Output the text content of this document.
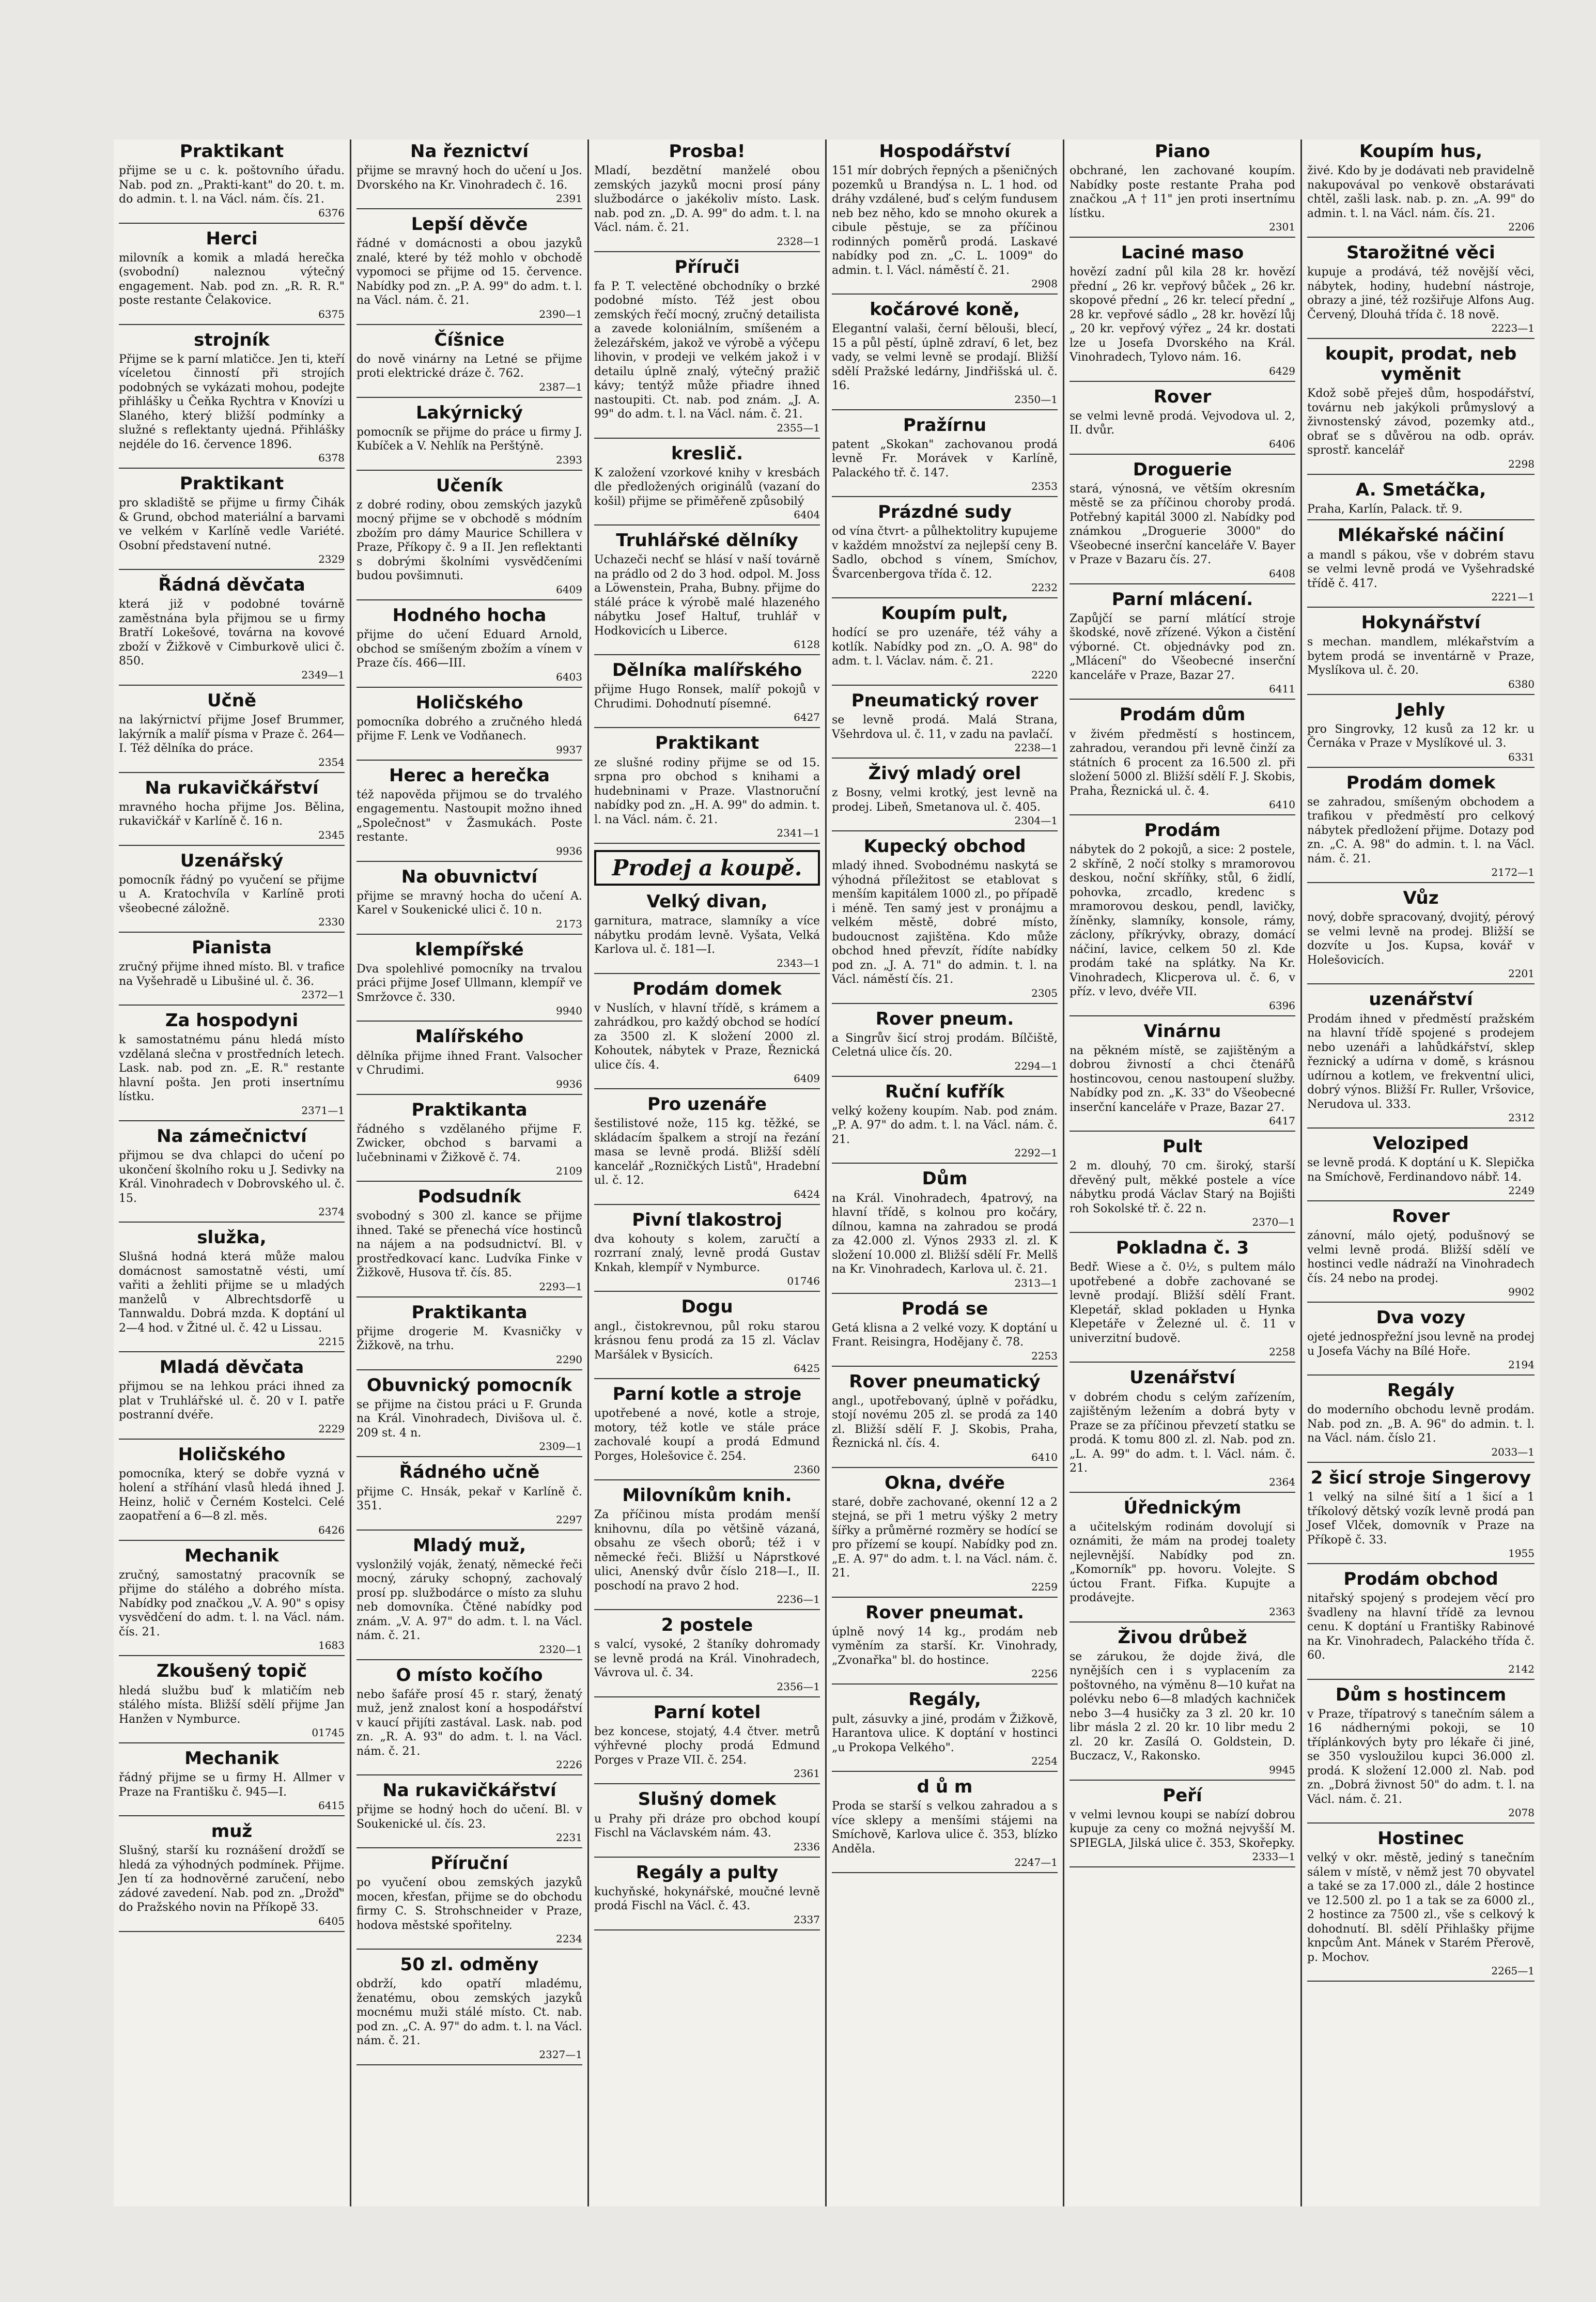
Praktikant

přijme se u c. k. poštovního úřadu. Nab. pod zn. „Prakti-kant" do 20. t. m. do admin. t. l. na Václ. nám. čís. 21.
6376

Herci

milovník a komik a mladá herečka (svobodní) naleznou výtečný engagement. Nab. pod zn. „R. R. R." poste restante Čelakovice.
6375

strojník

Přijme se k parní mlatičce. Jen ti, kteří víceletou činností při strojích podobných se vykázati mohou, podejte přihlášky u Čeňka Rychtra v Knovízi u Slaného, který bližší podmínky a služné s reflektanty ujedná. Přihlášky nejdéle do 16. července 1896.
6378

Praktikant

pro skladiště se přijme u firmy Čihák & Grund, obchod materiální a barvami ve velkém v Karlíně vedle Variété. Osobní představení nutné.
2329

Řádná děvčata

která již v podobné továrně zaměstnána byla přijmou se u firmy Bratří Lokešové, továrna na kovové zboží v Žižkově v Cimburkově ulici č. 850.
2349—1

Učně

na lakýrnictví přijme Josef Brummer, lakýrník a malíř písma v Praze č. 264—I. Též dělníka do práce.
2354

Na rukavičkářství

mravného hocha přijme Jos. Bělina, rukavičkář v Karlíně č. 16 n.
2345

Uzenářský

pomocník řádný po vyučení se přijme u A. Kratochvíla v Karlíně proti všeobecné záložně.
2330

Pianista

zručný přijme ihned místo. Bl. v trafice na Vyšehradě u Libušiné ul. č. 36.
2372—1

Za hospodyni

k samostatnému pánu hledá místo vzdělaná slečna v prostředních letech. Lask. nab. pod zn. „E. R." restante hlavní pošta. Jen proti insertnímu lístku.
2371—1

Na zámečnictví

přijmou se dva chlapci do učení po ukončení školního roku u J. Sedivky na Král. Vinohradech v Dobrovského ul. č. 15.
2374

služka,

Slušná hodná která může malou domácnost samostatně vésti, umí vařiti a žehliti přijme se u mladých manželů v Albrechtsdorfě u Tannwaldu. Dobrá mzda. K doptání ul 2—4 hod. v Žitné ul. č. 42 u Lissau.
2215

Mladá děvčata

přijmou se na lehkou práci ihned za plat v Truhlářské ul. č. 20 v I. patře postranní dvéře.
2229

Holičského

pomocníka, který se dobře vyzná v holení a stříhání vlasů hledá ihned J. Heinz, holič v Černém Kostelci. Celé zaopatření a 6—8 zl. měs.
6426

Mechanik

zručný, samostatný pracovník se přijme do stálého a dobrého místa. Nabídky pod značkou „V. A. 90" s opisy vysvědčení do adm. t. l. na Václ. nám. čís. 21.
1683

Zkoušený topič

hledá službu buď k mlatičím neb stálého místa. Bližší sdělí přijme Jan Hanžen v Nymburce.
01745

Mechanik

řádný přijme se u firmy H. Allmer v Praze na Františku č. 945—I.
6415

muž

Slušný, starší ku roznášení drožďí se hledá za výhodných podmínek. Přijme. Jen tí za hodnověrné zaručení, nebo zádové zavedení. Nab. pod zn. „Drožď" do Pražského novin na Příkopě 33.
6405

Na řeznictví

přijme se mravný hoch do učení u Jos. Dvorského na Kr. Vinohradech č. 16.
2391

Lepší děvče

řádné v domácnosti a obou jazyků znalé, které by též mohlo v obchodě vypomoci se přijme od 15. července. Nabídky pod zn. „P. A. 99" do adm. t. l. na Václ. nám. č. 21.
2390—1

Číšnice

do nově vinárny na Letné se přijme proti elektrické dráze č. 762.
2387—1

Lakýrnický

pomocník se přijme do práce u firmy J. Kubíček a V. Nehlík na Perštýně.
2393

Učeník

z dobré rodiny, obou zemských jazyků mocný přijme se v obchodě s módním zbožím pro dámy Maurice Schillera v Praze, Příkopy č. 9 a II. Jen reflektanti s dobrými školními vysvědčeními budou povšimnuti.
6409

Hodného hocha

přijme do učení Eduard Arnold, obchod se smíšeným zbožím a vínem v Praze čís. 466—III.
6403

Holičského

pomocníka dobrého a zručného hledá přijme F. Lenk ve Vodňanech.
9937

Herec a herečka

též napověda přijmou se do trvalého engagementu. Nastoupit možno ihned „Společnost" v Žasmukách. Poste restante.
9936

Na obuvnictví

přijme se mravný hocha do učení A. Karel v Soukenické ulici č. 10 n.
2173

klempířské

Dva spolehlivé pomocníky na trvalou práci přijme Josef Ullmann, klempíř ve Smržovce č. 330.
9940

Malířského

dělníka přijme ihned Frant. Valsocher v Chrudimi.
9936

Praktikanta

řádného s vzdělaného přijme F. Zwicker, obchod s barvami a lučebninami v Žižkově č. 74.
2109

Podsudník

svobodný s 300 zl. kance se přijme ihned. Také se přenechá více hostinců na nájem a na podsudnictví. Bl. v prostředkovací kanc. Ludvíka Finke v Žižkově, Husova tř. čís. 85.
2293—1

Praktikanta

přijme drogerie M. Kvasničky v Žižkově, na trhu.
2290

Obuvnický pomocník

se přijme na čistou práci u F. Grunda na Král. Vinohradech, Divišova ul. č. 209 st. 4 n.
2309—1

Řádného učně

přijme C. Hnsák, pekař v Karlíně č. 351.
2297

Mladý muž,

vyslonžilý voják, ženatý, německé řeči mocný, záruky schopný, zachovalý prosí pp. službodárce o místo za sluhu neb domovníka. Čtěné nabídky pod znám. „V. A. 97" do adm. t. l. na Václ. nám. č. 21.
2320—1

O místo kočího

nebo šafáře prosí 45 r. starý, ženatý muž, jenž znalost koní a hospodářství v kaucí přijíti zastával. Lask. nab. pod zn. „R. A. 93" do adm. t. l. na Václ. nám. č. 21.
2226

Na rukavičkářství

přijme se hodný hoch do učení. Bl. v Soukenické ul. čís. 23.
2231

Příruční

po vyučení obou zemských jazyků mocen, křesťan, přijme se do obchodu firmy C. S. Strohschneider v Praze, hodova městské spořitelny.
2234

50 zl. odměny

obdrží, kdo opatří mladému, ženatému, obou zemských jazyků mocnému muži stálé místo. Ct. nab. pod zn. „C. A. 97" do adm. t. l. na Václ. nám. č. 21.
2327—1

Prosba!

Mladí, bezdětní manželé obou zemských jazyků mocni prosí pány službodárce o jakékoliv místo. Lask. nab. pod zn. „D. A. 99" do adm. t. l. na Václ. nám. č. 21.
2328—1

Příruči

fa P. T. velectěné obchodníky o brzké podobné místo. Též jest obou zemských řečí mocný, zručný detailista a zavede koloniálním, smíšeném a železářském, jakož ve výrobě a výčepu lihovin, v prodeji ve velkém jakož i v detailu úplně znalý, výtečný pražič kávy; tentýž může přiadre ihned nastoupiti. Ct. nab. pod znám. „J. A. 99" do adm. t. l. na Václ. nám. č. 21.
2355—1

kreslič.

K založení vzorkové knihy v kresbách dle předložených originálů (vazaní do košil) přijme se přiměřeně způsobilý
6404

Truhlářské dělníky

Uchazeči nechť se hlásí v naší továrně na prádlo od 2 do 3 hod. odpol. M. Joss a Löwenstein, Praha, Bubny. přijme do stálé práce k výrobě malé hlazeného nábytku Josef Haltuf, truhlář v Hodkovicích u Liberce.
6128

Dělníka malířského

přijme Hugo Ronsek, malíř pokojů v Chrudimi. Dohodnutí písemné.
6427

Praktikant

ze slušné rodiny přijme se od 15. srpna pro obchod s knihami a hudebninami v Praze. Vlastnoruční nabídky pod zn. „H. A. 99" do admin. t. l. na Václ. nám. č. 21.
2341—1

Prodej a koupě.
Velký divan,

garnitura, matrace, slamníky a více nábytku prodám levně. Vyšata, Velká Karlova ul. č. 181—I.
2343—1

Prodám domek

v Nuslích, v hlavní třídě, s krámem a zahrádkou, pro každý obchod se hodící za 3500 zl. K složení 2000 zl. Kohoutek, nábytek v Praze, Řeznická ulice čís. 4.
6409

Pro uzenáře

šestilistové nože, 115 kg. těžké, se skládacím špalkem a strojí na řezání masa se levně prodá. Bližší sdělí kancelář „Rozničkých Listů", Hradební ul. č. 12.
6424

Pivní tlakostroj

dva kohouty s kolem, zaručtí a rozrraní znalý, levně prodá Gustav Knkah, klempíř v Nymburce.
01746

Dogu

angl., čistokrevnou, půl roku starou krásnou fenu prodá za 15 zl. Václav Maršálek v Bysicích.
6425

Parní kotle a stroje

upotřebené a nové, kotle a stroje, motory, též kotle ve stále práce zachovalé koupí a prodá Edmund Porges, Holešovice č. 254.
2360

Milovníkům knih.

Za příčinou místa prodám menší knihovnu, díla po většině vázaná, obsahu ze všech oborů; též i v německé řeči. Bližší u Náprstkové ulici, Anenský dvůr číslo 218—I., II. poschodí na pravo 2 hod.
2236—1

2 postele

s valcí, vysoké, 2 štaníky dohromady se levně prodá na Král. Vinohradech, Vávrova ul. č. 34.
2356—1

Parní kotel

bez koncese, stojatý, 4.4 čtver. metrů výhřevné plochy prodá Edmund Porges v Praze VII. č. 254.
2361

Slušný domek

u Prahy při dráze pro obchod koupí Fischl na Václavském nám. 43.
2336

Regály a pulty

kuchyňské, hokynářské, moučné levně prodá Fischl na Václ. č. 43.
2337

Hospodářství

151 mír dobrých řepných a pšeničných pozemků u Brandýsa n. L. 1 hod. od dráhy vzdálené, buď s celým fundusem neb bez něho, kdo se mnoho okurek a cibule pěstuje, se za příčinou rodinných poměrů prodá. Laskavé nabídky pod zn. „C. L. 1009" do admin. t. l. Václ. náměstí č. 21.
2908

kočárové koně,

Elegantní valaši, černí bělouši, blecí, 15 a půl pěstí, úplně zdraví, 6 let, bez vady, se velmi levně se prodají. Bližší sdělí Pražské ledárny, Jindřišská ul. č. 16.
2350—1

Pražírnu

patent „Skokan" zachovanou prodá levně Fr. Morávek v Karlíně, Palackého tř. č. 147.
2353

Prázdné sudy

od vína čtvrt- a půlhektolitry kupujeme v každém množství za nejlepší ceny B. Sadlo, obchod s vínem, Smíchov, Švarcenbergova třída č. 12.
2232

Koupím pult,

hodící se pro uzenáře, též váhy a kotlík. Nabídky pod zn. „O. A. 98" do adm. t. l. Václav. nám. č. 21.
2220

Pneumatický rover

se levně prodá. Malá Strana, Všehrdova ul. č. 11, v zadu na pavlačí.
2238—1

Živý mladý orel

z Bosny, velmi krotký, jest levně na prodej. Libeň, Smetanova ul. č. 405.
2304—1

Kupecký obchod

mladý ihned. Svobodnému naskytá se výhodná příležitost se etablovat s menším kapitálem 1000 zl., po případě i méně. Ten samý jest v pronájmu a velkém městě, dobré místo, budoucnost zajištěna. Kdo může obchod hned převzít, řídíte nabídky pod zn. „J. A. 71" do admin. t. l. na Václ. náměstí čís. 21.
2305

Rover pneum.

a Singrův šicí stroj prodám. Bílčiště, Celetná ulice čís. 20.
2294—1

Ruční kufřík

velký koženy koupím. Nab. pod znám. „P. A. 97" do adm. t. l. na Václ. nám. č. 21.
2292—1

Dům

na Král. Vinohradech, 4patrový, na hlavní třídě, s kolnou pro kočáry, dílnou, kamna na zahradou se prodá za 42.000 zl. Výnos 2933 zl. zl. K složení 10.000 zl. Bližší sdělí Fr. Mellš na Kr. Vinohradech, Karlova ul. č. 21.
2313—1

Prodá se

Getá klisna a 2 velké vozy. K doptání u Frant. Reisingra, Hodějany č. 78.
2253

Rover pneumatický

angl., upotřebovaný, úplně v pořádku, stojí novému 205 zl. se prodá za 140 zl. Bližší sdělí F. J. Skobis, Praha, Řeznická nl. čís. 4.
6410

Okna, dvéře

staré, dobře zachované, okenní 12 a 2 stejná, se při 1 metru výšky 2 metry šířky a průměrné rozměry se hodící se pro přízemí se koupí. Nabídky pod zn. „E. A. 97" do adm. t. l. na Václ. nám. č. 21.
2259

Rover pneumat.

úplně nový 14 kg., prodám neb vyměním za starší. Kr. Vinohrady, „Zvonařka" bl. do hostince.
2256

Regály,

pult, zásuvky a jiné, prodám v Žižkově, Harantova ulice. K doptání v hostinci „u Prokopa Velkého".
2254

d ů m

Proda se starší s velkou zahradou a s více sklepy a menšími stájemi na Smíchově, Karlova ulice č. 353, blízko Anděla.
2247—1

Piano

obchrané, len zachované koupím. Nabídky poste restante Praha pod značkou „A † 11" jen proti insertnímu lístku.
2301

Laciné maso

hovězí zadní půl kila 28 kr. hovězí přední „ 26 kr. vepřový bůček „ 26 kr. skopové přední „ 26 kr. telecí přední „ 28 kr. vepřové sádlo „ 28 kr. hovězí lůj „ 20 kr. vepřový výřez „ 24 kr. dostati lze u Josefa Dvorského na Král. Vinohradech, Tylovo nám. 16.
6429

Rover

se velmi levně prodá. Vejvodova ul. 2, II. dvůr.
6406

Droguerie

stará, výnosná, ve větším okresním městě se za příčinou choroby prodá. Potřebný kapitál 3000 zl. Nabídky pod známkou „Droguerie 3000" do Všeobecné inserční kanceláře V. Bayer v Praze v Bazaru čís. 27.
6408

Parní mlácení.

Zapůjčí se parní mlátící stroje škodské, nově zřízené. Výkon a čistění výborné. Ct. objednávky pod zn. „Mlácení" do Všeobecné inserční kanceláře v Praze, Bazar 27.
6411

Prodám dům

v živém předměstí s hostincem, zahradou, verandou při levně činží za státních 6 procent za 16.500 zl. při složení 5000 zl. Bližší sdělí F. J. Skobis, Praha, Řeznická ul. č. 4.
6410

Prodám

nábytek do 2 pokojů, a sice: 2 postele, 2 skříně, 2 nočí stolky s mramorovou deskou, noční skříňky, stůl, 6 židlí, pohovka, zrcadlo, kredenc s mramorovou deskou, pendl, lavičky, žíněnky, slamníky, konsole, rámy, záclony, příkrývky, obrazy, domácí náčiní, lavice, celkem 50 zl. Kde prodám také na splátky. Na Kr. Vinohradech, Klicperova ul. č. 6, v příz. v levo, dvéře VII.
6396

Vinárnu

na pěkném místě, se zajištěným a dobrou živností a chci čtenářů hostincovou, cenou nastoupení služby. Nabídky pod zn. „K. 33" do Všeobecné inserční kanceláře v Praze, Bazar 27.
6417

Pult

2 m. dlouhý, 70 cm. široký, starší dřevěný pult, měkké postele a více nábytku prodá Václav Starý na Bojišti roh Sokolské tř. č. 22 n.
2370—1

Pokladna č. 3

Bedř. Wiese a č. 0½, s pultem málo upotřebené a dobře zachované se levně prodají. Bližší sdělí Frant. Klepetář, sklad pokladen u Hynka Klepetáře v Železné ul. č. 11 v univerzitní budově.
2258

Uzenářství

v dobrém chodu s celým zařízením, zajištěným ležením a dobrá byty v Praze se za příčinou převzetí statku se prodá. K tomu 800 zl. zl. Nab. pod zn. „L. A. 99" do adm. t. l. Václ. nám. č. 21.
2364

Úřednickým

a učitelským rodinám dovolují si oznámiti, že mám na prodej toalety nejlevnější. Nabídky pod zn. „Komorník" pp. hovoru. Volejte. S úctou Frant. Fifka. Kupujte a prodávejte.
2363

Živou drůbež

se zárukou, že dojde živá, dle nynějších cen i s vyplacením za poštovného, na výměnu 8—10 kuřat na polévku nebo 6—8 mladých kachniček nebo 3—4 husičky za 3 zl. 20 kr. 10 libr másla 2 zl. 20 kr. 10 libr medu 2 zl. 20 kr. Zasílá O. Goldstein, D. Buczacz, V., Rakonsko.
9945

Peří

v velmi levnou koupi se nabízí dobrou kupuje za ceny co možná nejvyšší M. SPIEGLA, Jilská ulice č. 353, Skořepky.
2333—1

Koupím hus,

živé. Kdo by je dodávati neb pravidelně nakupovával po venkově obstarávati chtěl, zašli lask. nab. p. zn. „A. 99" do admin. t. l. na Václ. nám. čís. 21.
2206

Starožitné věci

kupuje a prodává, též novější věci, nábytek, hodiny, hudební nástroje, obrazy a jiné, též rozšiřuje Alfons Aug. Červený, Dlouhá třída č. 18 nově.
2223—1

koupit, prodat, neb vyměnit

Kdož sobě přeješ dům, hospodářství, továrnu neb jakýkoli průmyslový a živnostenský závod, pozemky atd., obrať se s důvěrou na odb. opráv. sprostř. kancelář
2298

A. Smetáčka,

Praha, Karlín, Palack. tř. 9.

Mlékařské náčiní

a mandl s pákou, vše v dobrém stavu se velmi levně prodá ve Vyšehradské třídě č. 417.
2221—1

Hokynářství

s mechan. mandlem, mlékařstvím a bytem prodá se inventárně v Praze, Myslíkova ul. č. 20.
6380

Jehly

pro Singrovky, 12 kusů za 12 kr. u Černáka v Praze v Myslíkové ul. 3.
6331

Prodám domek

se zahradou, smíšeným obchodem a trafikou v předměstí pro celkový nábytek předložení přijme. Dotazy pod zn. „C. A. 98" do admin. t. l. na Václ. nám. č. 21.
2172—1

Vůz

nový, dobře spracovaný, dvojitý, pérový se velmi levně na prodej. Bližší se dozvíte u Jos. Kupsa, kovář v Holešovicích.
2201

uzenářství

Prodám ihned v předměstí pražském na hlavní třídě spojené s prodejem nebo uzenáři a lahůdkářství, sklep řeznický a udírna v domě, s krásnou udírnou a kotlem, ve frekventní ulici, dobrý výnos. Bližší Fr. Ruller, Vršovice, Nerudova ul. 333.
2312

Veloziped

se levně prodá. K doptání u K. Slepička na Smíchově, Ferdinandovo nábř. 14.
2249

Rover

zánovní, málo ojetý, podušnový se velmi levně prodá. Bližší sdělí ve hostinci vedle nádraží na Vinohradech čís. 24 nebo na prodej.
9902

Dva vozy

ojeté jednospřežní jsou levně na prodej u Josefa Váchy na Bílé Hoře.
2194

Regály

do moderního obchodu levně prodám. Nab. pod zn. „B. A. 96" do admin. t. l. na Václ. nám. číslo 21.
2033—1

2 šicí stroje Singerovy

1 velký na silné šití a 1 šicí a 1 tříkolový dětský vozík levně prodá pan Josef Vlček, domovník v Praze na Příkopě č. 33.
1955

Prodám obchod

nitařský spojený s prodejem věcí pro švadleny na hlavní třídě za levnou cenu. K doptání u Františky Rabinové na Kr. Vinohradech, Palackého třída č. 60.
2142

Dům s hostincem

v Praze, třípatrový s tanečním sálem a 16 nádhernými pokoji, se 10 tříplánkových byty pro lékaře či jiné, se 350 vysloužilou kupci 36.000 zl. prodá. K složení 12.000 zl. Nab. pod zn. „Dobrá živnost 50" do adm. t. l. na Václ. nám. č. 21.
2078

Hostinec

velký v okr. městě, jediný s tanečním sálem v místě, v němž jest 70 obyvatel a také se za 17.000 zl., dále 2 hostince ve 12.500 zl. po 1 a tak se za 6000 zl., 2 hostince za 7500 zl., vše s celkový k dohodnutí. Bl. sdělí Přihlašky přijme knpcům Ant. Mánek v Starém Přerově, p. Mochov.
2265—1
